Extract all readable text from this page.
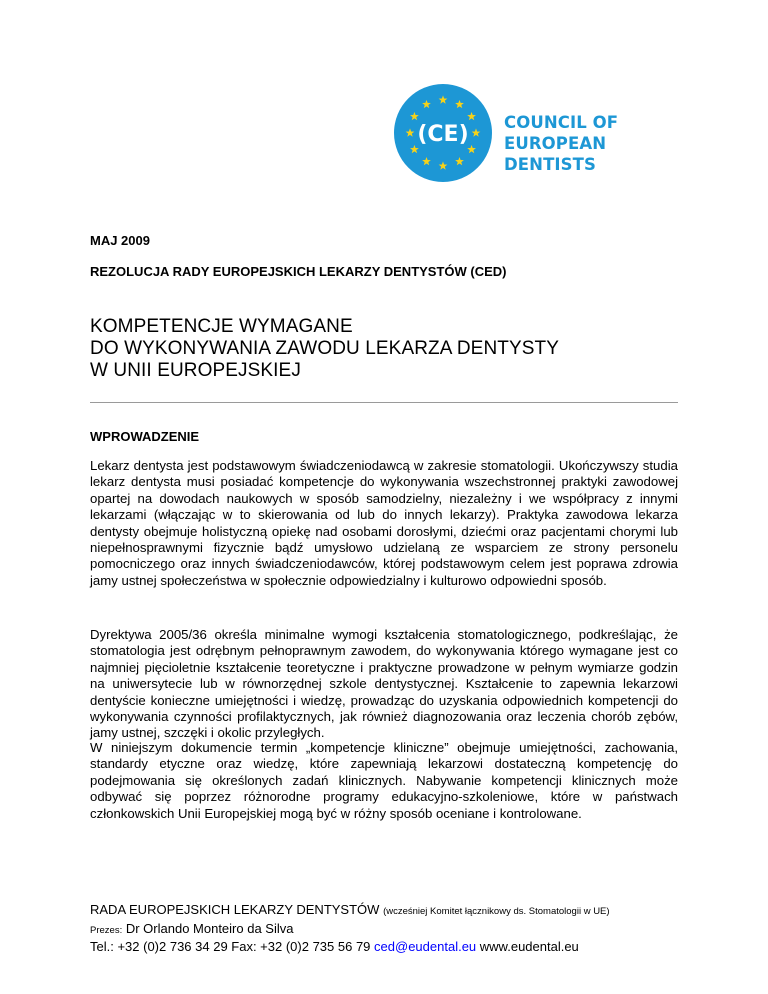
(CE) COUNCIL OF
EUROPEAN DENTISTS
MAJ 2009
REZOLUCJA RADY EUROPEJSKICH LEKARZY DENTYSTÓW (CED)
KOMPETENCJE WYMAGANE
DO WYKONYWANIA ZAWODU LEKARZA DENTYSTY
W UNII EUROPEJSKIEJ
WPROWADZENIE
Lekarz dentysta jest podstawowym świadczeniodawcą w zakresie stomatologii. Ukończywszy studia lekarz dentysta musi posiadać kompetencje do wykonywania wszechstronnej praktyki zawodowej opartej na dowodach naukowych w sposób samodzielny, niezależny i we współpracy z innymi lekarzami (włączając w to skierowania od lub do innych lekarzy). Praktyka zawodowa lekarza dentysty obejmuje holistyczną opiekę nad osobami dorosłymi, dziećmi oraz pacjentami chorymi lub niepełnosprawnymi fizycznie bądź umysłowo udzielaną ze wsparciem ze strony personelu pomocniczego oraz innych świadczeniodawców, której podstawowym celem jest poprawa zdrowia jamy ustnej społeczeństwa w społecznie odpowiedzialny i kulturowo odpowiedni sposób.
Dyrektywa 2005/36 określa minimalne wymogi kształcenia stomatologicznego, podkreślając, że stomatologia jest odrębnym pełnoprawnym zawodem, do wykonywania którego wymagane jest co najmniej pięcioletnie kształcenie teoretyczne i praktyczne prowadzone w pełnym wymiarze godzin na uniwersytecie lub w równorzędnej szkole dentystycznej. Kształcenie to zapewnia lekarzowi dentyście konieczne umiejętności i wiedzę, prowadząc do uzyskania odpowiednich kompetencji do wykonywania czynności profilaktycznych, jak również diagnozowania oraz leczenia chorób zębów, jamy ustnej, szczęki i okolic przyległych.
W niniejszym dokumencie termin „kompetencje kliniczne” obejmuje umiejętności, zachowania, standardy etyczne oraz wiedzę, które zapewniają lekarzowi dostateczną kompetencję do podejmowania się określonych zadań klinicznych. Nabywanie kompetencji klinicznych może odbywać się poprzez różnorodne programy edukacyjno-szkoleniowe, które w państwach członkowskich Unii Europejskiej mogą być w różny sposób oceniane i kontrolowane.
RADA EUROPEJSKICH LEKARZY DENTYSTÓW (wcześniej Komitet łącznikowy ds. Stomatologii w UE)
Prezes: Dr Orlando Monteiro da Silva
Tel.: +32 (0)2 736 34 29 Fax: +32 (0)2 735 56 79 ced@eudental.eu www.eudental.eu
